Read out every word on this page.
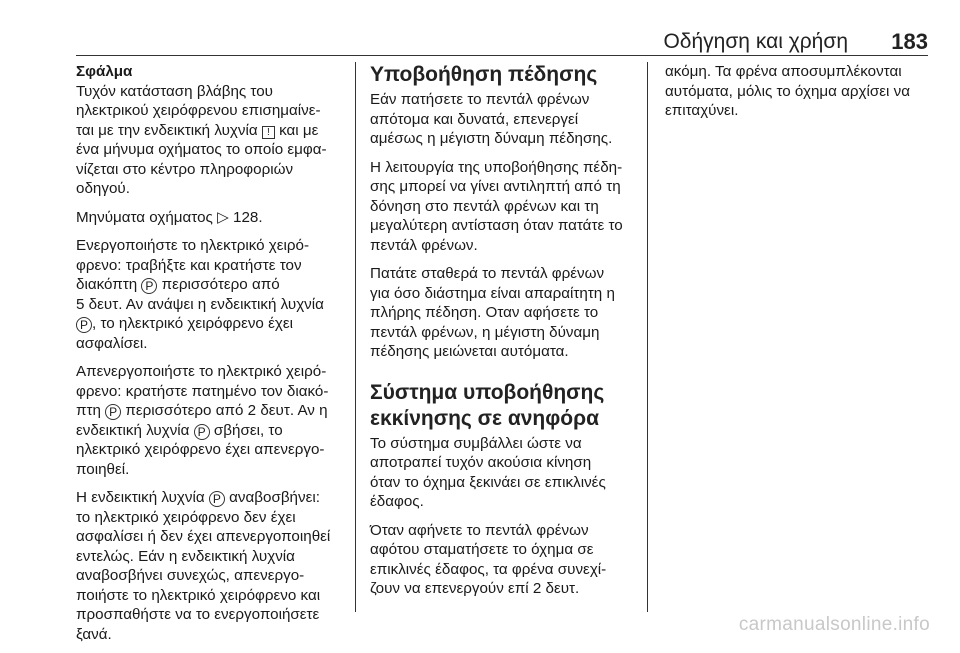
Οδήγηση και χρήση 183
Σφάλμα

Τυχόν κατάσταση βλάβης του
ηλεκτρικού χειρόφρενου επισημαίνε-
ται με την ενδεικτική λυχνία ! και με
ένα μήνυμα οχήματος το οποίο εμφα-
νίζεται στο κέντρο πληροφοριών
οδηγού.

Μηνύματα οχήματος ▷ 128.

Ενεργοποιήστε το ηλεκτρικό χειρό-
φρενο: τραβήξτε και κρατήστε τον
διακόπτη P περισσότερο από
5 δευτ. Αν ανάψει η ενδεικτική λυχνία
P , το ηλεκτρικό χειρόφρενο έχει
ασφαλίσει.

Απενεργοποιήστε το ηλεκτρικό χειρό-
φρενο: κρατήστε πατημένο τον διακό-
πτη P περισσότερο από 2 δευτ. Αν η
ενδεικτική λυχνία P σβήσει, το
ηλεκτρικό χειρόφρενο έχει απενεργο-
ποιηθεί.

Η ενδεικτική λυχνία P αναβοσβήνει:
το ηλεκτρικό χειρόφρενο δεν έχει
ασφαλίσει ή δεν έχει απενεργοποιηθεί
εντελώς. Εάν η ενδεικτική λυχνία
αναβοσβήνει συνεχώς, απενεργο-
ποιήστε το ηλεκτρικό χειρόφρενο και
προσπαθήστε να το ενεργοποιήσετε
ξανά.

Υποβοήθηση πέδησης

Εάν πατήσετε το πεντάλ φρένων
απότομα και δυνατά, επενεργεί
αμέσως η μέγιστη δύναμη πέδησης.

Η λειτουργία της υποβοήθησης πέδη-
σης μπορεί να γίνει αντιληπτή από τη
δόνηση στο πεντάλ φρένων και τη
μεγαλύτερη αντίσταση όταν πατάτε το
πεντάλ φρένων.

Πατάτε σταθερά το πεντάλ φρένων
για όσο διάστημα είναι απαραίτητη η
πλήρης πέδηση. Οταν αφήσετε το
πεντάλ φρένων, η μέγιστη δύναμη
πέδησης μειώνεται αυτόματα.

Σύστημα υποβοήθησης
εκκίνησης σε ανηφόρα

Το σύστημα συμβάλλει ώστε να
αποτραπεί τυχόν ακούσια κίνηση
όταν το όχημα ξεκινάει σε επικλινές
έδαφος.

Όταν αφήνετε το πεντάλ φρένων
αφότου σταματήσετε το όχημα σε
επικλινές έδαφος, τα φρένα συνεχί-
ζουν να επενεργούν επί 2 δευτ.

ακόμη. Τα φρένα αποσυμπλέκονται
αυτόματα, μόλις το όχημα αρχίσει να
επιταχύνει.

carmanualsonline.info
